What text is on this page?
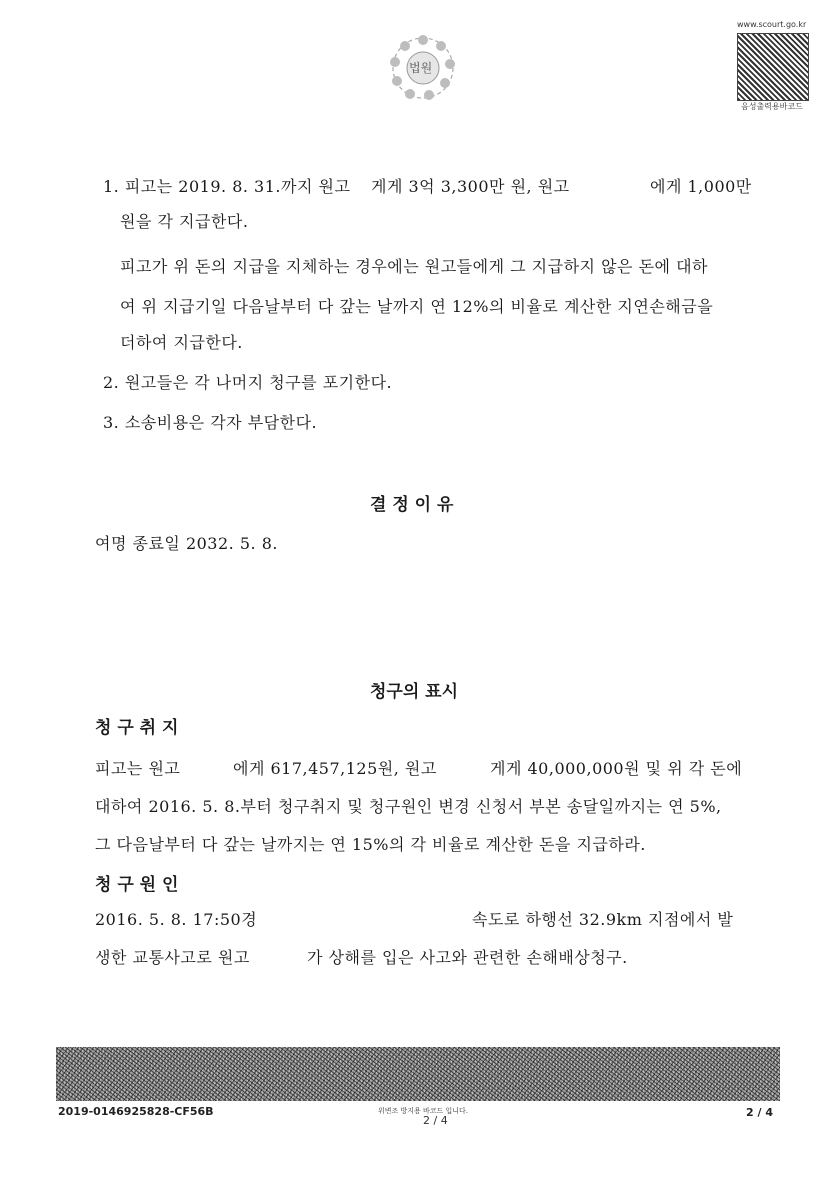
법원
www.scourt.go.kr
음성출력용바코드
1. 피고는 2019. 8. 31.까지 원고 게게 3억 3,300만 원, 원고	에게 1,000만
원을 각 지급한다.
피고가 위 돈의 지급을 지체하는 경우에는 원고들에게 그 지급하지 않은 돈에 대하
여 위 지급기일 다음날부터 다 갚는 날까지 연 12%의 비율로 계산한 지연손해금을
더하여 지급한다.
2. 원고들은 각 나머지 청구를 포기한다.
3. 소송비용은 각자 부담한다.
결 정 이 유
여명 종료일 2032. 5. 8.
청구의 표시
청 구 취 지
피고는 원고	에게 617,457,125원, 원고	게게 40,000,000원 및 위 각 돈에
대하여 2016. 5. 8.부터 청구취지 및 청구원인 변경 신청서 부본 송달일까지는 연 5%,
그 다음날부터 다 갚는 날까지는 연 15%의 각 비율로 계산한 돈을 지급하라.
청 구 원 인
2016. 5. 8. 17:50경	속도로 하행선 32.9km 지점에서 발
생한 교통사고로 원고	가 상해를 입은 사고와 관련한 손해배상청구.
2019-0146925828-CF56B	위변조 방지용 바코드 입니다.
2 / 4
2 / 4
